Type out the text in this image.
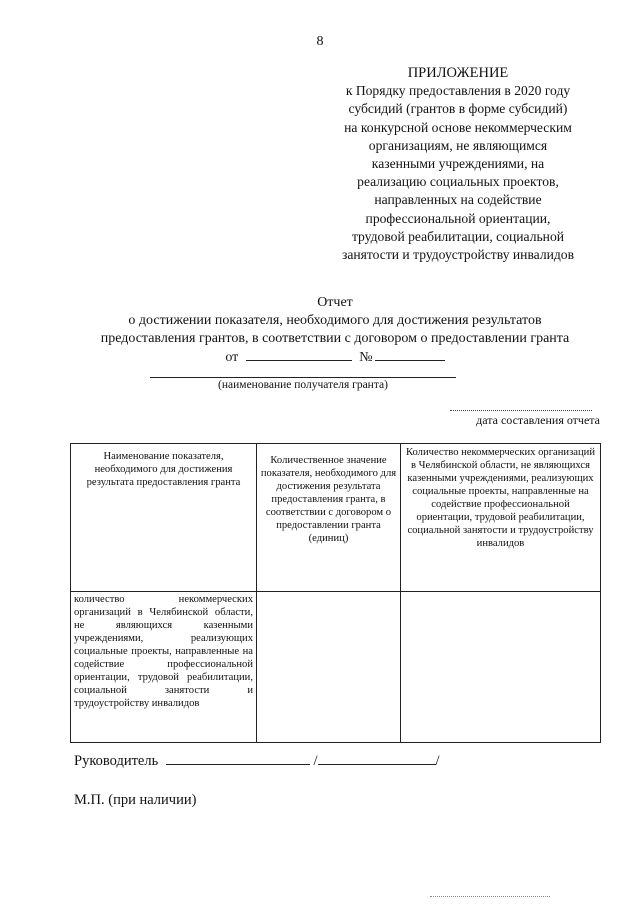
8
ПРИЛОЖЕНИЕ
к Порядку предоставления в 2020 году
субсидий (грантов в форме субсидий)
на конкурсной основе некоммерческим
организациям, не являющимся
казенными учреждениями, на
реализацию социальных проектов,
направленных на содействие
профессиональной ориентации,
трудовой реабилитации, социальной
занятости и трудоустройству инвалидов
Отчет
о достижении показателя, необходимого для достижения результатов
предоставления грантов, в соответствии с договором о предоставлении гранта
от	№
(наименование получателя гранта)
дата составления отчета
Наименование показателя, необходимого для достижения результата предоставления гранта	Количественное значение показателя, необходимого для достижения результата предоставления гранта, в соответствии с договором о предоставлении гранта (единиц)	Количество некоммерческих организаций в Челябинской области, не являющихся казенными учреждениями, реализующих социальные проекты, направленные на содействие профессиональной ориентации, трудовой реабилитации, социальной занятости и трудоустройству инвалидов
количество некоммерческих организаций в Челябинской области, не являющихся казенными учреждениями, реализующих социальные проекты, направленные на содействие профессиональной ориентации, трудовой реабилитации, социальной занятости и трудоустройству инвалидов		
Руководитель	/	/
М.П. (при наличии)
